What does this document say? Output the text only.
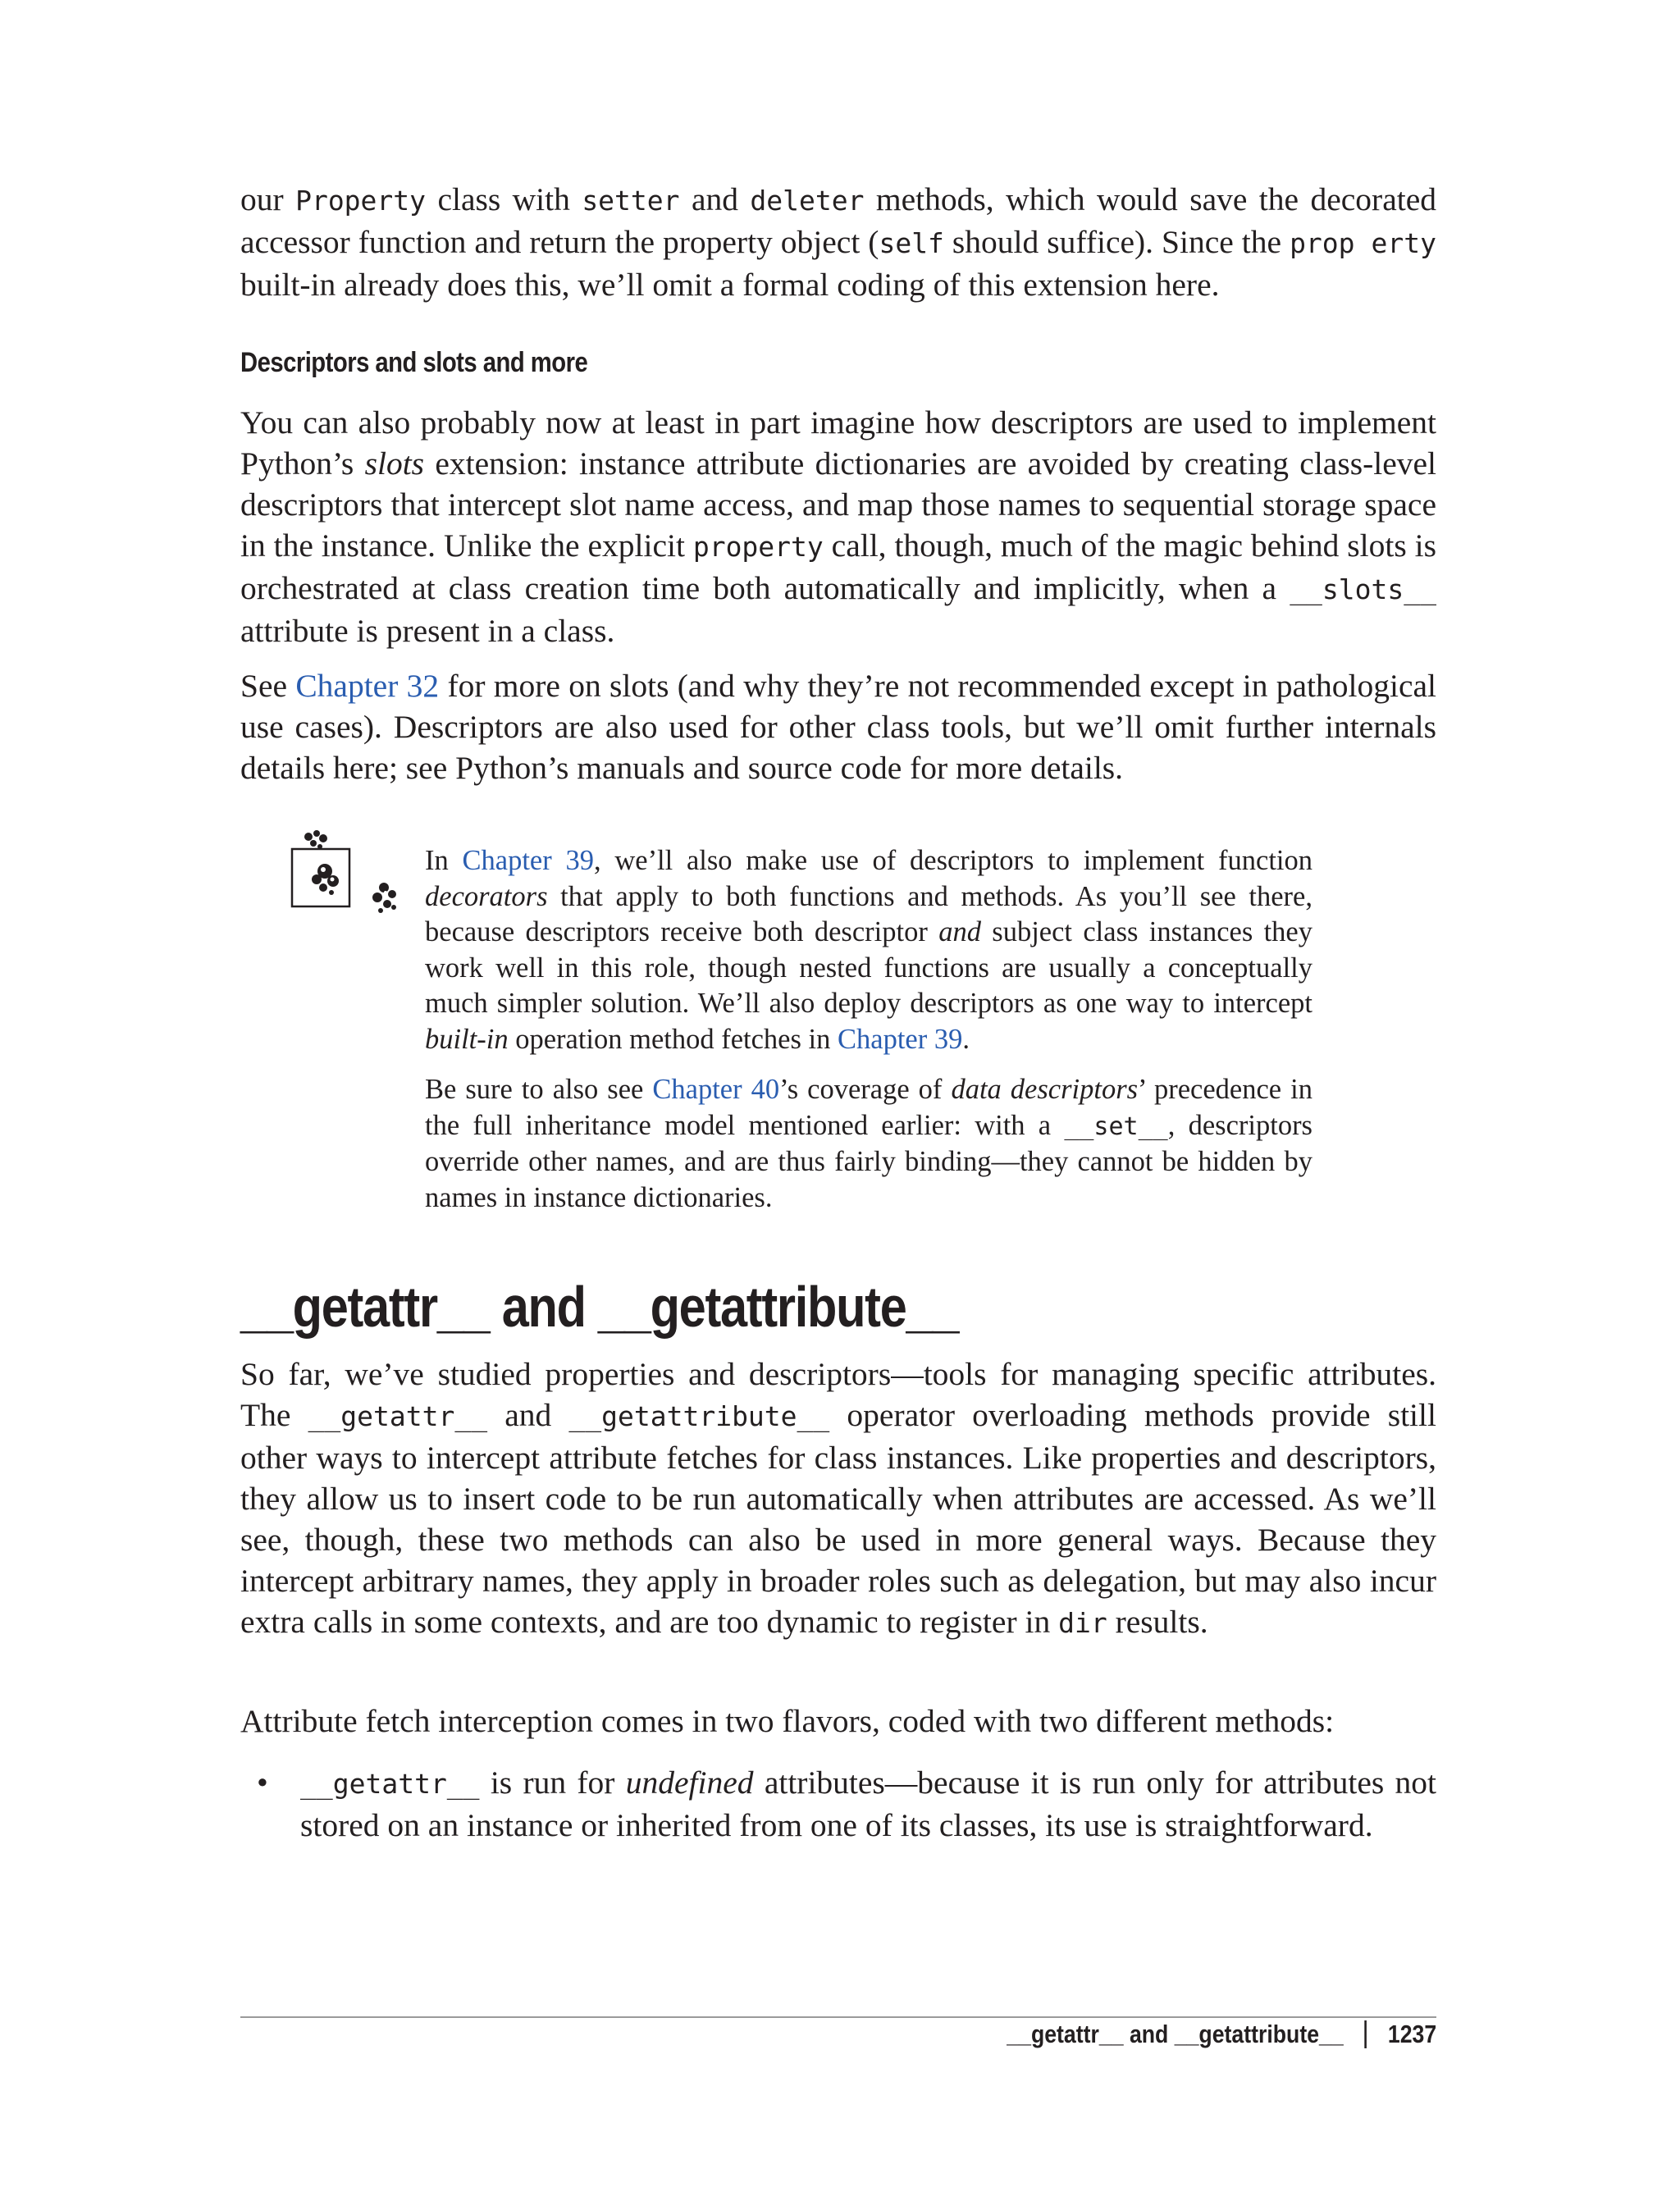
our Property class with setter and deleter methods, which would save the decorated accessor function and return the property object (self should suffice). Since the prop erty built-in already does this, we’ll omit a formal coding of this extension here.

Descriptors and slots and more

You can also probably now at least in part imagine how descriptors are used to implement Python’s slots extension: instance attribute dictionaries are avoided by creating class-level descriptors that intercept slot name access, and map those names to sequential storage space in the instance. Unlike the explicit property call, though, much of the magic behind slots is orchestrated at class creation time both automatically and implicitly, when a __slots__ attribute is present in a class.

See Chapter 32 for more on slots (and why they’re not recommended except in pathological use cases). Descriptors are also used for other class tools, but we’ll omit further internals details here; see Python’s manuals and source code for more details.

In Chapter 39, we’ll also make use of descriptors to implement function decorators that apply to both functions and methods. As you’ll see there, because descriptors receive both descriptor and subject class instances they work well in this role, though nested functions are usually a conceptually much simpler solution. We’ll also deploy descriptors as one way to intercept built-in operation method fetches in Chapter 39.

Be sure to also see Chapter 40’s coverage of data descriptors’ precedence in the full inheritance model mentioned earlier: with a __set__, descriptors override other names, and are thus fairly binding—they cannot be hidden by names in instance dictionaries.

__getattr__ and __getattribute__

So far, we’ve studied properties and descriptors—tools for managing specific attributes. The __getattr__ and __getattribute__ operator overloading methods provide still other ways to intercept attribute fetches for class instances. Like properties and descriptors, they allow us to insert code to be run automatically when attributes are accessed. As we’ll see, though, these two methods can also be used in more general ways. Because they intercept arbitrary names, they apply in broader roles such as delegation, but may also incur extra calls in some contexts, and are too dynamic to register in dir results.

Attribute fetch interception comes in two flavors, coded with two different methods:

• __getattr__ is run for undefined attributes—because it is run only for attributes not stored on an instance or inherited from one of its classes, its use is straightforward.
__getattr__ and __getattribute__ 1237
